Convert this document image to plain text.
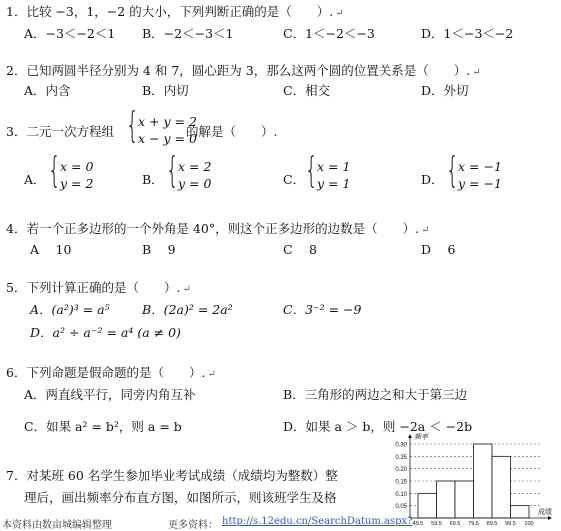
1．比较 −3，1，−2 的大小，下列判断正确的是（　　）. ↵
A．−3＜−2＜1 B．−2＜−3＜1	C．1＜−2＜−3	D．1＜−3＜−2
2．已知两圆半径分别为 4 和 7，圆心距为 3，那么这两个圆的位置关系是（　　）. ↵
A．内含	B．内切	C．相交	D．外切
3．二元一次方程组 { x + y = 2
x − y = 0
的解是（　　）.
A． { x = 0
y = 2	B． { x = 2
y = 0	C． { x = 1
y = 1	D． { x = −1
y = −1
4．若一个正多边形的一个外角是 40°，则这个正多边形的边数是（　　）. ↵
A　 10	B　 9	C　 8	D　 6
5．下列计算正确的是（　　）. ↵
A．(a²)³ = a⁵	B．(2a)² = 2a²	C．3⁻² = −9
D．a² ÷ a⁻² = a⁴ (a ≠ 0)
6．下列命题是假命题的是（　　）. ↵
A．两直线平行，同旁内角互补	B．三角形的两边之和大于第三边
C．如果 a² = b²，则 a = b	D．如果 a ＞ b，则 −2a ＜ −2b
7．对某班 60 名学生参加毕业考试成绩（成绩均为整数）整
理后，画出频率分布直方图，如图所示，则该班学生及格
0.30
0.25
0.20
0.15
0.10
0.05
49.5 59.5 69.5 79.5 89.5 99.5 100
频率
成绩
本资料由数亩城编辑整理	更多资料： http://s.12edu.cn/SearchDatum.aspx?
